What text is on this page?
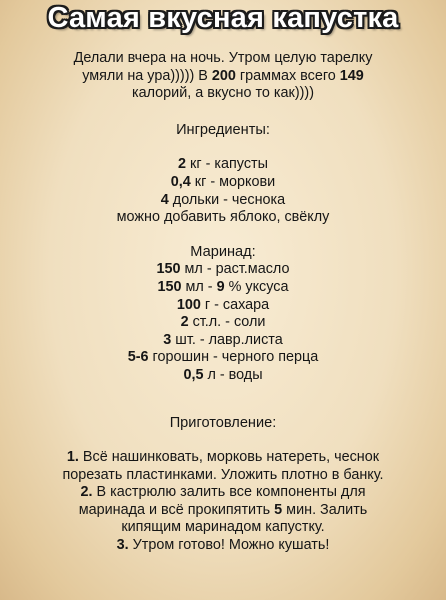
Самая вкусная капустка
Делали вчера на ночь. Утром целую тарелку
умяли на ура))))) В 200 граммах всего 149
калорий, а вкусно то как))))
Ингредиенты:
2 кг - капусты
0,4 кг - моркови
4 дольки - чеснока
можно добавить яблоко, свёклу
Маринад:
150 мл - раст.масло
150 мл - 9 % уксуса
100 г - сахара
2 ст.л. - соли
3 шт. - лавр.листа
5-6 горошин - черного перца
0,5 л - воды
Приготовление:
1. Всё нашинковать, морковь натереть, чеснок
порезать пластинками. Уложить плотно в банку.
2. В кастрюлю залить все компоненты для
маринада и всё прокипятить 5 мин. Залить
кипящим маринадом капустку.
3. Утром готово! Можно кушать!
